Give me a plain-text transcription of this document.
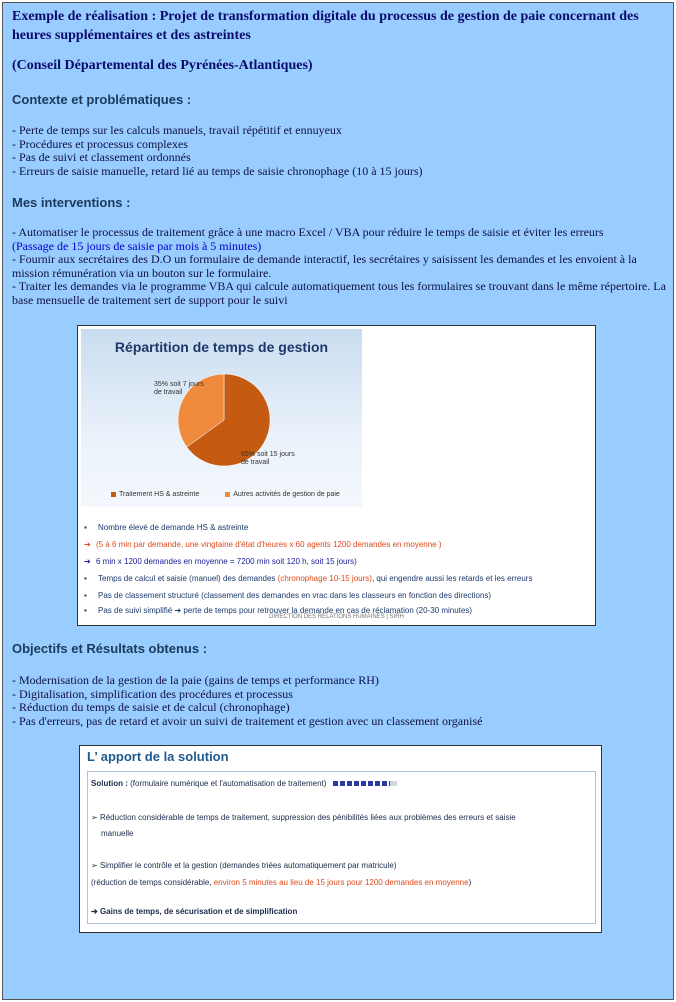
Exemple de réalisation : Projet de transformation digitale du processus de gestion de paie concernant des heures supplémentaires et des astreintes
(Conseil Départemental des Pyrénées-Atlantiques)
Contexte et problématiques :
- Perte de temps sur les calculs manuels, travail répétitif et ennuyeux
- Procédures et processus complexes
- Pas de suivi et classement ordonnés
- Erreurs de saisie manuelle, retard lié au temps de saisie chronophage (10 à 15 jours)
Mes interventions :
- Automatiser le processus de traitement grâce à une macro Excel / VBA pour réduire le temps de saisie et éviter les erreurs
(Passage de 15 jours de saisie par mois à 5 minutes)
- Fournir aux secrétaires des D.O un formulaire de demande interactif, les secrétaires y saisissent les demandes et les envoient à la mission rémunération via un bouton sur le formulaire.
- Traiter les demandes via le programme VBA qui calcule automatiquement tous les formulaires se trouvant dans le même répertoire. La base mensuelle de traitement sert de support pour le suivi
Répartition de temps de gestion
35% soit 7 jours de travail
65% soit 15 jours de travail
Traitement HS & astreinte	Autres activités de gestion de paie
▪ Nombre élevé de demande HS & astreinte
➔ (5 à 6 min par demande, une vingtaine d'état d'heures x 60 agents 1200 demandes en moyenne )
➔ 6 min x 1200 demandes en moyenne = 7200 min soit 120 h, soit 15 jours)
▪ Temps de calcul et saisie (manuel) des demandes (chronophage 10-15 jours), qui engendre aussi les retards et les erreurs
▪ Pas de classement structuré (classement des demandes en vrac dans les classeurs en fonction des directions)
▪ Pas de suivi simplifié ➔ perte de temps pour retrouver la demande en cas de réclamation (20-30 minutes)
DIRECTION DES RELATIONS HUMAINES | SIRH
Objectifs et Résultats obtenus :
- Modernisation de la gestion de la paie (gains de temps et performance RH)
- Digitalisation, simplification des procédures et processus
- Réduction du temps de saisie et de calcul (chronophage)
- Pas d'erreurs, pas de retard et avoir un suivi de traitement et gestion avec un classement organisé
L’ apport de la solution
Solution : (formulaire numérique et l'automatisation de traitement)
➢ Réduction considérable de temps de traitement, suppression des pénibilités liées aux problèmes des erreurs et saisie
manuelle
➢ Simplifier le contrôle et la gestion (demandes triées automatiquement par matricule)
(réduction de temps considérable, environ 5 minutes au lieu de 15 jours pour 1200 demandes en moyenne)
➔ Gains de temps, de sécurisation et de simplification
